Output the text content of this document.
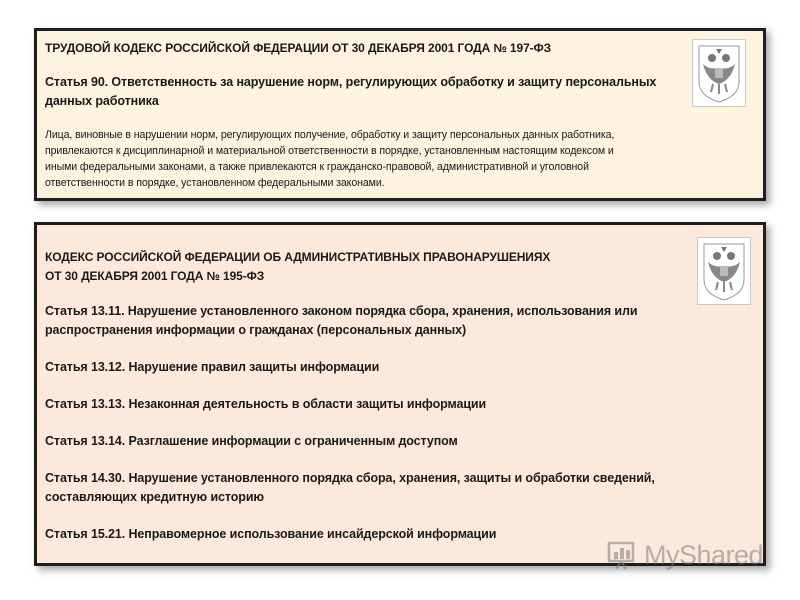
ТРУДОВОЙ КОДЕКС РОССИЙСКОЙ ФЕДЕРАЦИИ ОТ 30 ДЕКАБРЯ 2001 ГОДА № 197-ФЗ

Статья 90. Ответственность за нарушение норм, регулирующих обработку и защиту персональных

данных работника

Лица, виновные в нарушении норм, регулирующих получение, обработку и защиту персональных данных работника,

привлекаются к дисциплинарной и материальной ответственности в порядке, установленным настоящим кодексом и

иными федеральными законами, а также привлекаются к гражданско-правовой, административной и уголовной

ответственности в порядке, установленном федеральными законами.

КОДЕКС РОССИЙСКОЙ ФЕДЕРАЦИИ ОБ АДМИНИСТРАТИВНЫХ ПРАВОНАРУШЕНИЯХ

ОТ 30 ДЕКАБРЯ 2001 ГОДА № 195-ФЗ

Статья 13.11. Нарушение установленного законом порядка сбора, хранения, использования или

распространения информации о гражданах (персональных данных)

Статья 13.12. Нарушение правил защиты информации

Статья 13.13. Незаконная деятельность в области защиты информации

Статья 13.14. Разглашение информации с ограниченным доступом

Статья 14.30. Нарушение установленного порядка сбора, хранения, защиты и обработки сведений,

составляющих кредитную историю

Статья 15.21. Неправомерное использование инсайдерской информации

MyShared
